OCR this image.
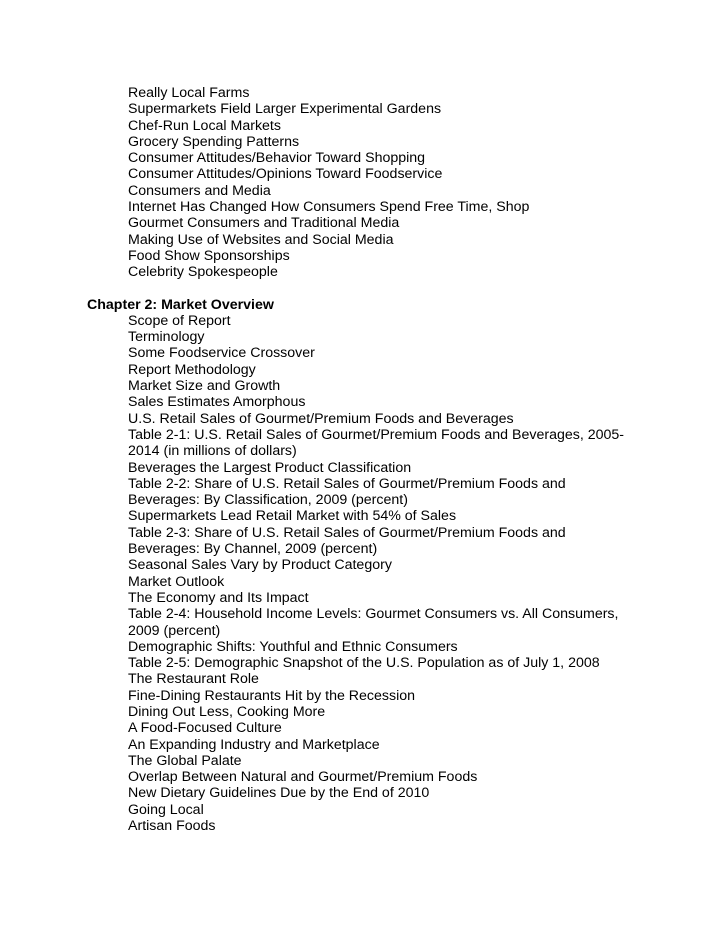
Really Local Farms
Supermarkets Field Larger Experimental Gardens
Chef-Run Local Markets
Grocery Spending Patterns
Consumer Attitudes/Behavior Toward Shopping
Consumer Attitudes/Opinions Toward Foodservice
Consumers and Media
Internet Has Changed How Consumers Spend Free Time, Shop
Gourmet Consumers and Traditional Media
Making Use of Websites and Social Media
Food Show Sponsorships
Celebrity Spokespeople
Chapter 2: Market Overview
Scope of Report
Terminology
Some Foodservice Crossover
Report Methodology
Market Size and Growth
Sales Estimates Amorphous
U.S. Retail Sales of Gourmet/Premium Foods and Beverages
Table 2-1: U.S. Retail Sales of Gourmet/Premium Foods and Beverages, 2005-
2014 (in millions of dollars)
Beverages the Largest Product Classification
Table 2-2: Share of U.S. Retail Sales of Gourmet/Premium Foods and
Beverages: By Classification, 2009 (percent)
Supermarkets Lead Retail Market with 54% of Sales
Table 2-3: Share of U.S. Retail Sales of Gourmet/Premium Foods and
Beverages: By Channel, 2009 (percent)
Seasonal Sales Vary by Product Category
Market Outlook
The Economy and Its Impact
Table 2-4: Household Income Levels: Gourmet Consumers vs. All Consumers,
2009 (percent)
Demographic Shifts: Youthful and Ethnic Consumers
Table 2-5: Demographic Snapshot of the U.S. Population as of July 1, 2008
The Restaurant Role
Fine-Dining Restaurants Hit by the Recession
Dining Out Less, Cooking More
A Food-Focused Culture
An Expanding Industry and Marketplace
The Global Palate
Overlap Between Natural and Gourmet/Premium Foods
New Dietary Guidelines Due by the End of 2010
Going Local
Artisan Foods
